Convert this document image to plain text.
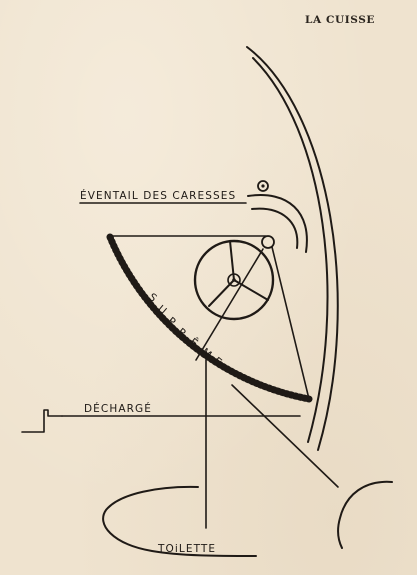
LA CUISSE
ÉVENTAIL DES CARESSES
S
U
P
R
Ê
M
E
DÉCHARGÉ
TOiLETTE
